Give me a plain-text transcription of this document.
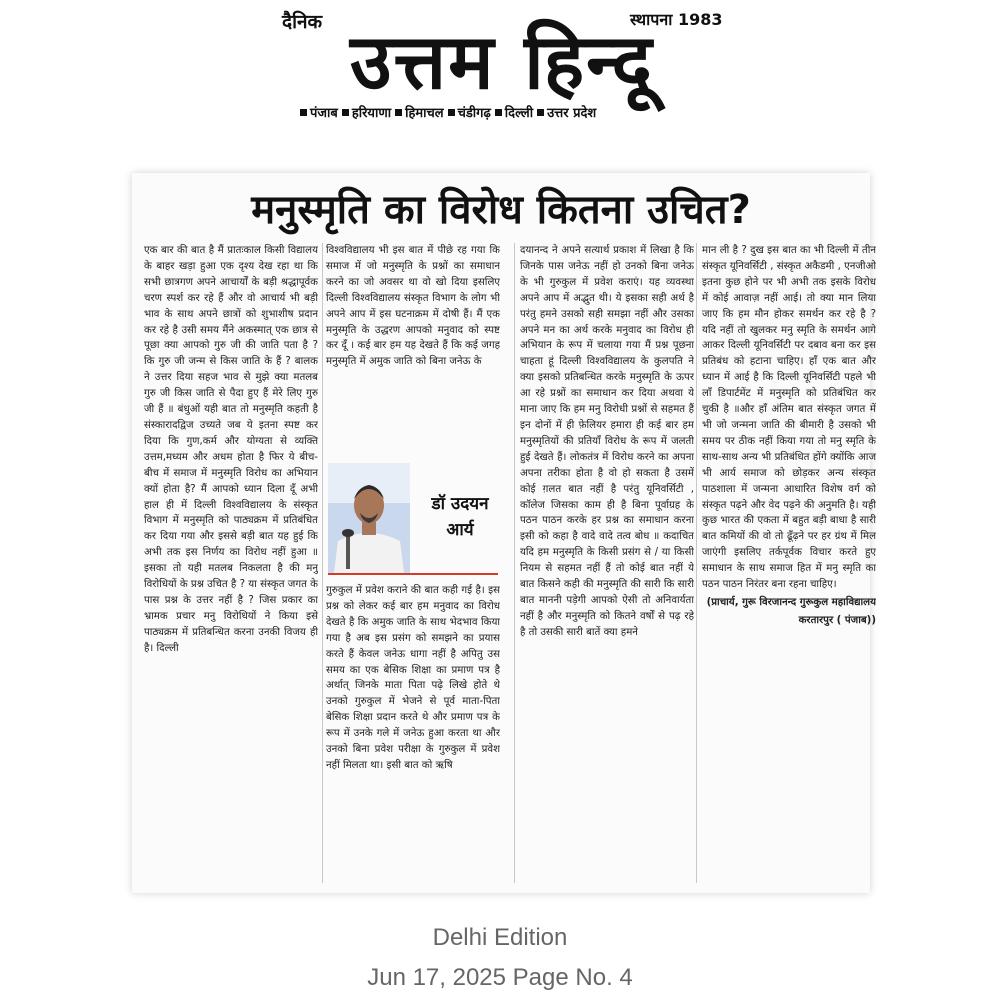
दैनिक	स्थापना 1983
उत्तम हिन्दू
पंजाब हरियाणा हिमाचल चंडीगढ़ दिल्ली उत्तर प्रदेश
मनुस्मृति का विरोध कितना उचित?
एक बार की बात है मैं प्रातःकाल किसी विद्यालय के बाहर खड़ा हुआ एक दृश्य देख रहा था कि सभी छात्रगण अपने आचार्यों के बड़ी श्रद्धापूर्वक चरण स्पर्श कर रहे हैं और वो आचार्य भी बड़ी भाव के साथ अपने छात्रों को शुभाशीष प्रदान कर रहे है उसी समय मैंने अकस्मात् एक छात्र से पूछा क्या आपको गुरु जी की जाति पता है ? कि गुरु जी जन्म से किस जाति के हैं ? बालक ने उत्तर दिया सहज भाव से मुझे क्या मतलब गुरु जी किस जाति से पैदा हुए हैं मेरे लिए गुरु जी हैं ॥ बंधुओं यही बात तो मनुस्मृति कहती है संस्कारादद्विज उच्यते जब ये इतना स्पष्ट कर दिया कि गुण,कर्म और योग्यता से व्यक्ति उत्तम,मध्यम और अधम होता है फिर ये बीच-बीच में समाज में मनुस्मृति विरोध का अभियान क्यों होता है? मैं आपको ध्यान दिला दूँ अभी हाल ही में दिल्ली विश्वविद्यालय के संस्कृत विभाग में मनुस्मृति को पाठ्यक्रम में प्रतिबंधित कर दिया गया और इससे बड़ी बात यह हुई कि अभी तक इस निर्णय का विरोध नहीं हुआ ॥ इसका तो यही मतलब निकलता है की मनु विरोधियों के प्रश्न उचित है ? या संस्कृत जगत के पास प्रश्न के उत्तर नहीं है ? जिस प्रकार का भ्रामक प्रचार मनु विरोधियों ने किया इसे पाठ्यक्रम में प्रतिबन्धित करना उनकी विजय ही है। दिल्ली
विश्वविद्यालय भी इस बात में पीछे रह गया कि समाज में जो मनुस्मृति के प्रश्नों का समाधान करने का जो अवसर था वो खो दिया इसलिए दिल्ली विश्वविद्यालय संस्कृत विभाग के लोग भी अपने आप में इस घटनाक्रम में दोषी हैं। मैं एक मनुस्मृति के उद्धरण आपको मनुवाद को स्पष्ट कर दूँ । कई बार हम यह देखते हैं कि कई जगह मनुस्मृति में अमुक जाति को बिना जनेऊ के
डॉ उदयन आर्य
गुरुकुल में प्रवेश कराने की बात कही गई है। इस प्रश्न को लेकर कई बार हम मनुवाद का विरोध देखते है कि अमुक जाति के साथ भेदभाव किया गया है अब इस प्रसंग को समझने का प्रयास करते हैं केवल जनेऊ धागा नहीं है अपितु उस समय का एक बेसिक शिक्षा का प्रमाण पत्र है अर्थात् जिनके माता पिता पढ़े लिखे होते थे उनको गुरुकुल में भेजने से पूर्व माता-पिता बेसिक शिक्षा प्रदान करते थे और प्रमाण पत्र के रूप में उनके गले में जनेऊ हुआ करता था और उनको बिना प्रवेश परीक्षा के गुरुकुल में प्रवेश नहीं मिलता था। इसी बात को ऋषि
दयानन्द ने अपने सत्यार्थ प्रकाश में लिखा है कि जिनके पास जनेऊ नहीं हो उनको बिना जनेऊ के भी गुरुकुल में प्रवेश कराएं। यह व्यवस्था अपने आप में अद्भुत थी। ये इसका सही अर्थ है परंतु हमने उसको सही समझा नहीं और उसका अपने मन का अर्थ करके मनुवाद का विरोध ही अभियान के रूप में चलाया गया मैं प्रश्न पूछना चाहता हूं दिल्ली विश्वविद्यालय के कुलपति ने क्या इसको प्रतिबन्धित करके मनुस्मृति के ऊपर आ रहे प्रश्नों का समाधान कर दिया अथवा ये माना जाए कि हम मनु विरोधी प्रश्नों से सहमत हैं इन दोनों में ही फ़ेलियर हमारा ही कई बार हम मनुस्मृतियों की प्रतियाँ विरोध के रूप में जलती हुई देखते हैं। लोकतंत्र में विरोध करने का अपना अपना तरीका होता है वो हो सकता है उसमें कोई ग़लत बात नहीं है परंतु यूनिवर्सिटी , कॉलेज जिसका काम ही है बिना पूर्वाग्रह के पठन पाठन करके हर प्रश्न का समाधान करना इसी को कहा है वादे वादे तत्व बोध ॥ कदाचित यदि हम मनुस्मृति के किसी प्रसंग से / या किसी नियम से सहमत नहीं हैं तो कोई बात नहीं ये बात किसने कही की मनुस्मृति की सारी कि सारी बात माननी पड़ेगी आपको ऐसी तो अनिवार्यता नहीं है और मनुस्मृति को कितने वर्षों से पढ़ रहे है तो उसकी सारी बातें क्या हमने
मान ली है ? दुख इस बात का भी दिल्ली में तीन संस्कृत यूनिवर्सिटी , संस्कृत अकैडमी , एनजीओ इतना कुछ होने पर भी अभी तक इसके विरोध में कोई आवाज़ नहीं आई। तो क्या मान लिया जाए कि हम मौन होकर समर्थन कर रहे है ? यदि नहीं तो खुलकर मनु स्मृति के समर्थन आगे आकर दिल्ली यूनिवर्सिटी पर दबाव बना कर इस प्रतिबंध को हटाना चाहिए। हाँ एक बात और ध्यान में आई है कि दिल्ली यूनिवर्सिटी पहले भी लॉं डिपार्टमेंट में मनुस्मृति को प्रतिबंधित कर चुकी है ॥और हाँ अंतिम बात संस्कृत जगत में भी जो जन्मना जाति की बीमारी है उसको भी समय पर ठीक नहीं किया गया तो मनु स्मृति के साथ-साथ अन्य भी प्रतिबंधित होंगे क्योंकि आज भी आर्य समाज को छोड़कर अन्य संस्कृत पाठशाला में जन्मना आधारित विशेष वर्ग को संस्कृत पढ़ने और वेद पढ़ने की अनुमति है। यही कुछ भारत की एकता में बहुत बड़ी बाधा है सारी बात कमियों की वो तो ढूँढ़ने पर हर ग्रंथ में मिल जाएंगी इसलिए तर्कपूर्वक विचार करते हुए समाधान के साथ समाज हित में मनु स्मृति का पठन पाठन निरंतर बना रहना चाहिए।
(प्राचार्य, गुरू विरजानन्द गुरूकुल महाविद्यालय
करतारपुर ( पंजाब))
Delhi Edition
Jun 17, 2025 Page No. 4
